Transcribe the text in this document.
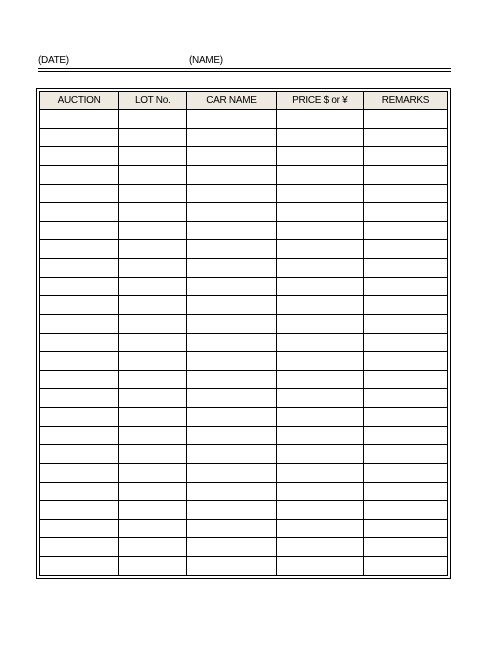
(DATE)	(NAME)
AUCTION	LOT No.	CAR NAME	PRICE $ or ¥	REMARKS
